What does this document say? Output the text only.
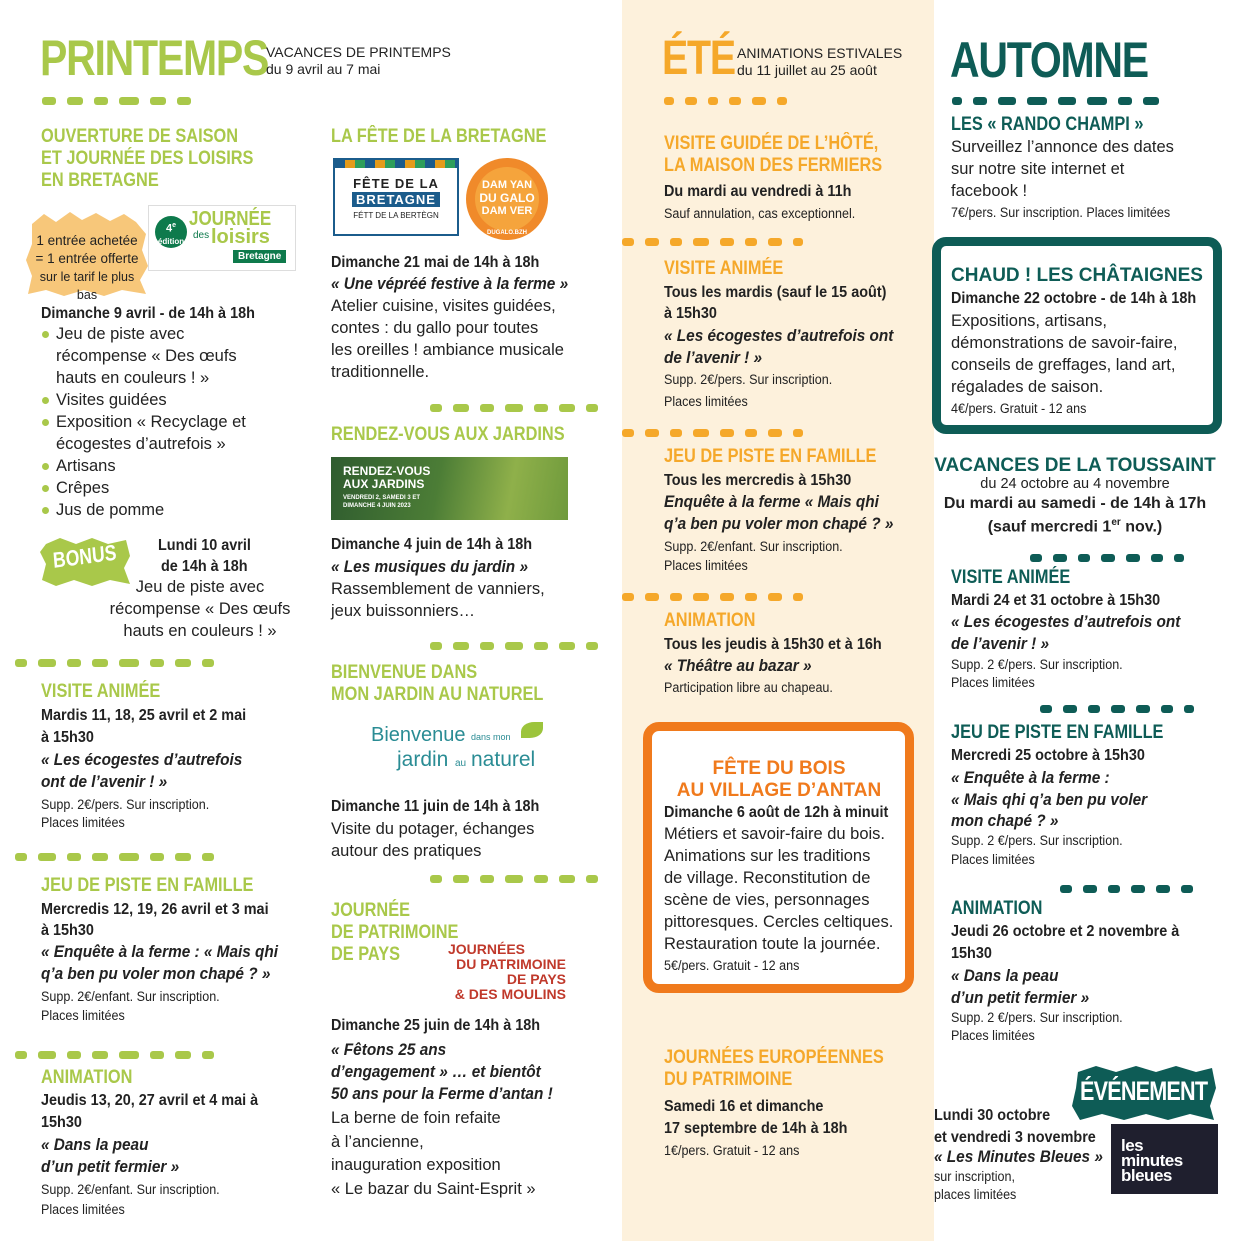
PRINTEMPS
VACANCES DE PRINTEMPS
du 9 avril au 7 mai
OUVERTURE DE SAISON
ET JOURNÉE DES LOISIRS
EN BRETAGNE
1 entrée achetée
= 1 entrée offerte
sur le tarif le plus bas
4e
édition
JOURNÉE
des loisirs
Bretagne
Dimanche 9 avril - de 14h à 18h
Jeu de piste avec
récompense « Des œufs
hauts en couleurs ! »
Visites guidées
Exposition « Recyclage et
écogestes d’autrefois »
Artisans
Crêpes
Jus de pomme
BONUS	Lundi 10 avril
de 14h à 18h
Jeu de piste avec
récompense « Des œufs
hauts en couleurs ! »
VISITE ANIMÉE
Mardis 11, 18, 25 avril et 2 mai
à 15h30
« Les écogestes d’autrefois
ont de l’avenir ! »
Supp. 2€/pers. Sur inscription.
Places limitées
JEU DE PISTE EN FAMILLE
Mercredis 12, 19, 26 avril et 3 mai
à 15h30
« Enquête à la ferme : « Mais qhi
q’a ben pu voler mon chapé ? »
Supp. 2€/enfant. Sur inscription.
Places limitées
ANIMATION
Jeudis 13, 20, 27 avril et 4 mai à
15h30
« Dans la peau
d’un petit fermier »
Supp. 2€/enfant. Sur inscription.
Places limitées
LA FÊTE DE LA BRETAGNE
FÊTE DE LA
BRETAGNE
FÉTT DE LA BERTÈGN
DAM YAN
DU GALO
DAM VER
DUGALO.BZH
Dimanche 21 mai de 14h à 18h
« Une vépréé festive à la ferme »
Atelier cuisine, visites guidées,
contes : du gallo pour toutes
les oreilles ! ambiance musicale
traditionnelle.
RENDEZ-VOUS AUX JARDINS
RENDEZ-VOUS
AUX JARDINS
VENDREDI 2, SAMEDI 3 ET
DIMANCHE 4 JUIN 2023
Dimanche 4 juin de 14h à 18h
« Les musiques du jardin »
Rassemblement de vanniers,
jeux buissonniers…
BIENVENUE DANS
MON JARDIN AU NATUREL
Bienvenue dans mon
jardin au naturel
Dimanche 11 juin de 14h à 18h
Visite du potager, échanges
autour des pratiques
JOURNÉE
DE PATRIMOINE
DE PAYS	JOURNÉES
DU PATRIMOINE
DE PAYS
& DES MOULINS
Dimanche 25 juin de 14h à 18h
« Fêtons 25 ans
d’engagement » … et bientôt
50 ans pour la Ferme d’antan !
La berne de foin refaite
à l’ancienne,
inauguration exposition
« Le bazar du Saint-Esprit »
ÉTÉ ANIMATIONS ESTIVALES
du 11 juillet au 25 août
VISITE GUIDÉE DE L’HÔTÉ,
LA MAISON DES FERMIERS
Du mardi au vendredi à 11h
Sauf annulation, cas exceptionnel.
VISITE ANIMÉE
Tous les mardis (sauf le 15 août)
à 15h30
« Les écogestes d’autrefois ont
de l’avenir ! »
Supp. 2€/pers. Sur inscription.
Places limitées
JEU DE PISTE EN FAMILLE
Tous les mercredis à 15h30
Enquête à la ferme « Mais qhi
q’a ben pu voler mon chapé ? »
Supp. 2€/enfant. Sur inscription.
Places limitées
ANIMATION
Tous les jeudis à 15h30 et à 16h
« Théâtre au bazar »
Participation libre au chapeau.
FÊTE DU BOIS
AU VILLAGE D’ANTAN
Dimanche 6 août de 12h à minuit
Métiers et savoir-faire du bois.
Animations sur les traditions
de village. Reconstitution de
scène de vies, personnages
pittoresques. Cercles celtiques.
Restauration toute la journée.
5€/pers. Gratuit - 12 ans
JOURNÉES EUROPÉENNES
DU PATRIMOINE
Samedi 16 et dimanche
17 septembre de 14h à 18h
1€/pers. Gratuit - 12 ans
AUTOMNE
LES « RANDO CHAMPI »
Surveillez l’annonce des dates
sur notre site internet et
facebook !
7€/pers. Sur inscription. Places limitées
CHAUD ! LES CHÂTAIGNES
Dimanche 22 octobre - de 14h à 18h
Expositions, artisans,
démonstrations de savoir-faire,
conseils de greffages, land art,
régalades de saison.
4€/pers. Gratuit - 12 ans
VACANCES DE LA TOUSSAINT
du 24 octobre au 4 novembre
Du mardi au samedi - de 14h à 17h
(sauf mercredi 1er nov.)
VISITE ANIMÉE
Mardi 24 et 31 octobre à 15h30
« Les écogestes d’autrefois ont
de l’avenir ! »
Supp. 2 €/pers. Sur inscription.
Places limitées
JEU DE PISTE EN FAMILLE
Mercredi 25 octobre à 15h30
« Enquête à la ferme :
« Mais qhi q’a ben pu voler
mon chapé ? »
Supp. 2 €/pers. Sur inscription.
Places limitées
ANIMATION
Jeudi 26 octobre et 2 novembre à
15h30
« Dans la peau
d’un petit fermier »
Supp. 2 €/pers. Sur inscription.
Places limitées
ÉVÉNEMENT
Lundi 30 octobre
et vendredi 3 novembre
« Les Minutes Bleues »
sur inscription,
places limitées
les
minutes
bleues
